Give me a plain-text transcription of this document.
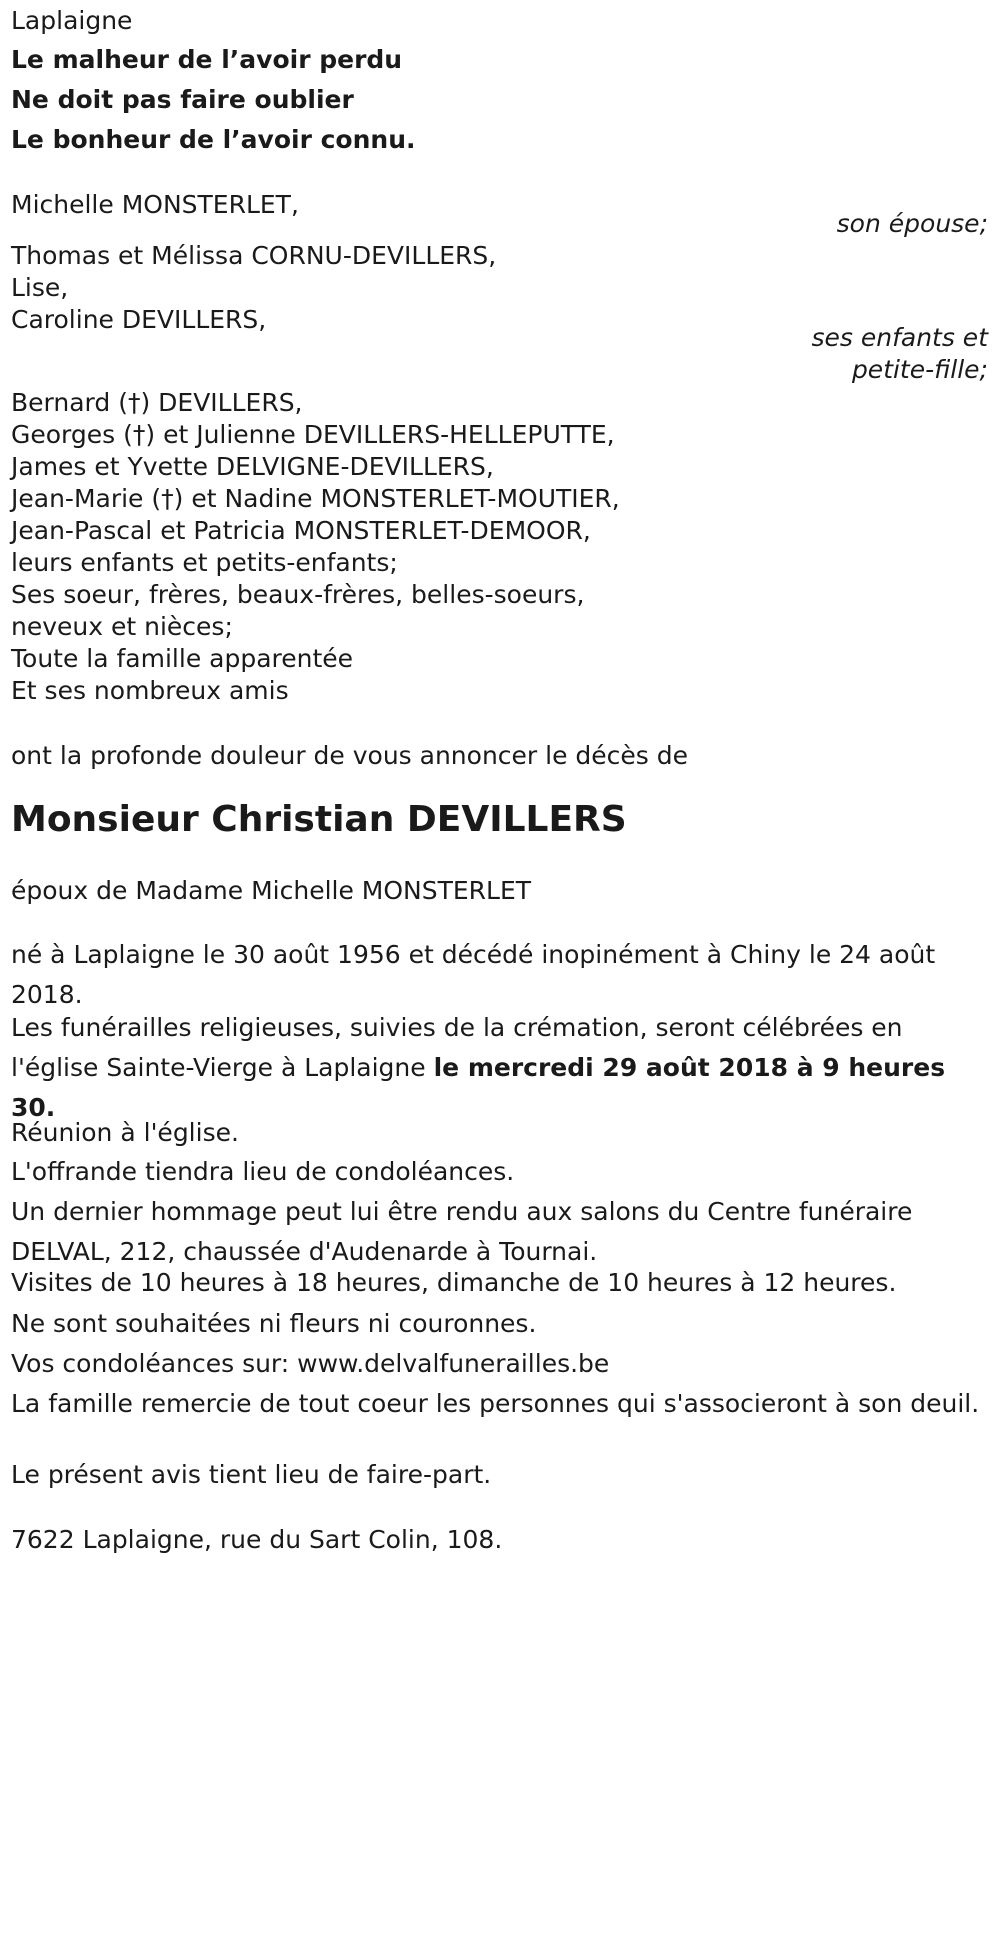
Laplaigne
Le malheur de l’avoir perdu
Ne doit pas faire oublier
Le bonheur de l’avoir connu.
Michelle MONSTERLET,
son épouse;
Thomas et Mélissa CORNU-DEVILLERS,
Lise,
Caroline DEVILLERS,
ses enfants et
petite-fille;
Bernard (†) DEVILLERS,
Georges (†) et Julienne DEVILLERS-HELLEPUTTE,
James et Yvette DELVIGNE-DEVILLERS,
Jean-Marie (†) et Nadine MONSTERLET-MOUTIER,
Jean-Pascal et Patricia MONSTERLET-DEMOOR,
leurs enfants et petits-enfants;
Ses soeur, frères, beaux-frères, belles-soeurs,
neveux et nièces;
Toute la famille apparentée
Et ses nombreux amis
ont la profonde douleur de vous annoncer le décès de
Monsieur Christian DEVILLERS
époux de Madame Michelle MONSTERLET
né à Laplaigne le 30 août 1956 et décédé inopinément à Chiny le 24 août 2018.
Les funérailles religieuses, suivies de la crémation, seront célébrées en l'église Sainte-Vierge à Laplaigne le mercredi 29 août 2018 à 9 heures 30.
Réunion à l'église.
L'offrande tiendra lieu de condoléances.
Un dernier hommage peut lui être rendu aux salons du Centre funéraire DELVAL, 212, chaussée d'Audenarde à Tournai.
Visites de 10 heures à 18 heures, dimanche de 10 heures à 12 heures.
Ne sont souhaitées ni fleurs ni couronnes.
Vos condoléances sur: www.delvalfunerailles.be
La famille remercie de tout coeur les personnes qui s'associeront à son deuil.
Le présent avis tient lieu de faire-part.
7622 Laplaigne, rue du Sart Colin, 108.
